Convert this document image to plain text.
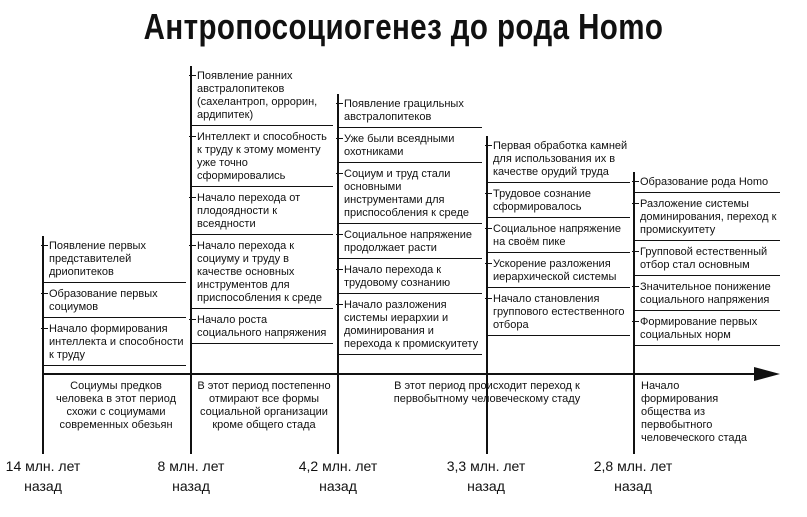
Антропосоциогенез до рода Homo
Появление первых представителей дриопитеков
Образование первых социумов
Начало формирования интеллекта и способности к труду
Социумы предков человека в этот период схожи с социумами современных обезьян
14 млн. лет
назад
Появление ранних австралопитеков (сахелантроп, оррорин, ардипитек)
Интеллект и способность к труду к этому моменту уже точно сформировались
Начало перехода от плодоядности к всеядности
Начало перехода к социуму и труду в качестве основных инструментов для приспособления к среде
Начало роста социального напряжения
В этот период постепенно отмирают все формы социальной организации кроме общего стада
8 млн. лет
назад
Появление грацильных австралопитеков
Уже были всеядными охотниками
Социум и труд стали основными инструментами для приспособления к среде
Социальное напряжение продолжает расти
Начало перехода к трудовому сознанию
Начало разложения системы иерархии и доминирования и перехода к промискуитету
4,2 млн. лет
назад
Первая обработка камней для использования их в качестве орудий труда
Трудовое сознание сформировалось
Социальное напряжение на своём пике
Ускорение разложения иерархической системы
Начало становления группового естественного отбора
В этот период происходит переход к первобытному человеческому стаду
3,3 млн. лет
назад
Образование рода Homo
Разложение системы доминирования, переход к промискуитету
Групповой естественный отбор стал основным
Значительное понижение социального напряжения
Формирование первых социальных норм
Начало формирования общества из первобытного человеческого стада
2,8 млн. лет
назад
